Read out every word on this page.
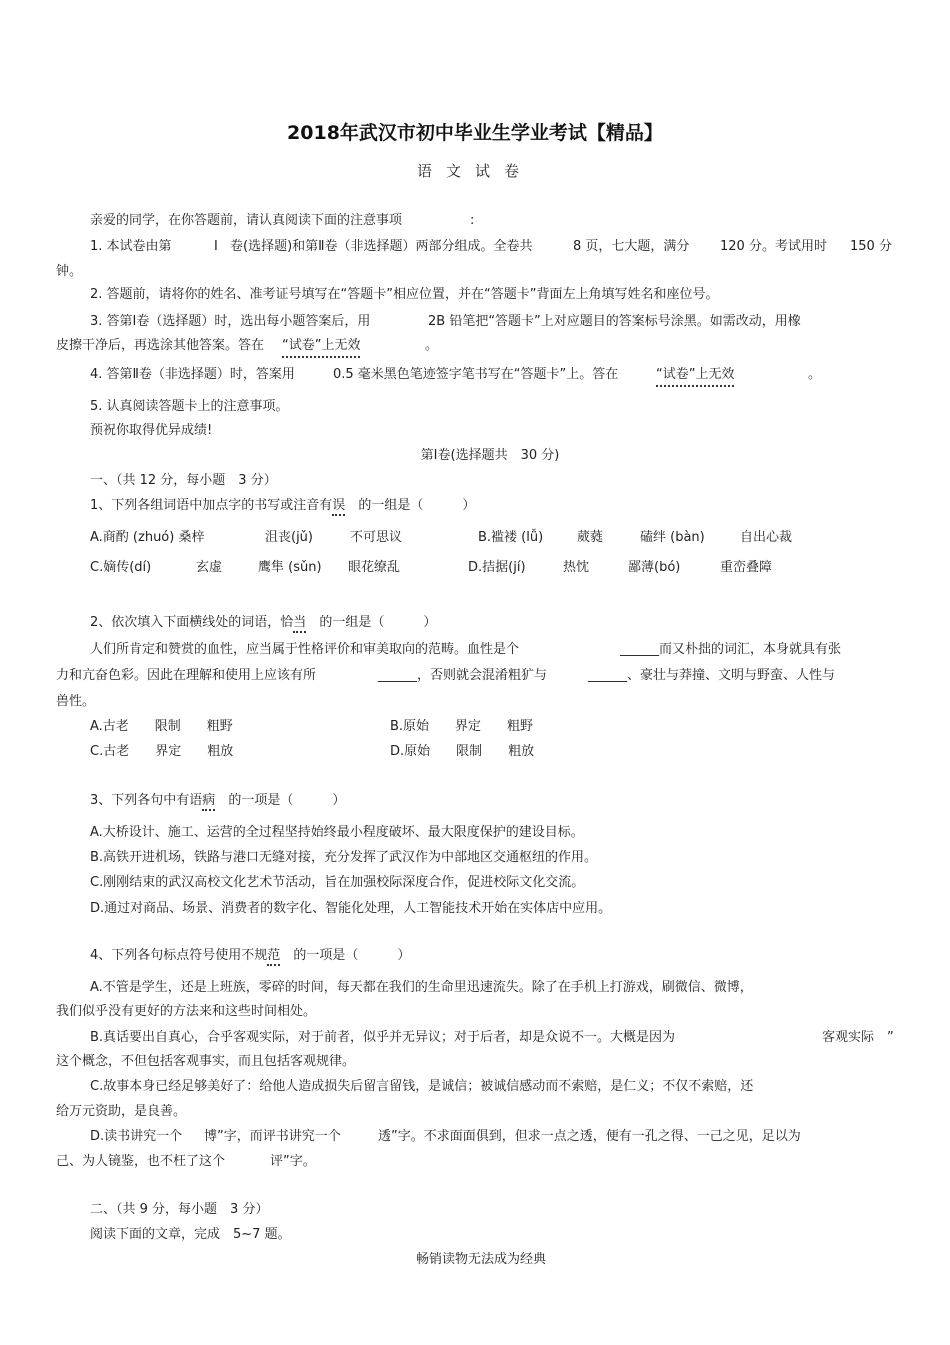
2018年武汉市初中毕业生学业考试【精品】
语文试卷
亲爱的同学，在你答题前，请认真阅读下面的注意事项	:
1. 本试卷由第	Ⅰ 卷(选择题)和第Ⅱ卷（非选择题）两部分组成。全卷共	8 页，七大题，满分 120 分。考试用时 150 分
钟。
2. 答题前，请将你的姓名、准考证号填写在“答题卡”相应位置，并在“答题卡”背面左上角填写姓名和座位号。
3. 答第Ⅰ卷（选择题）时，选出每小题答案后，用	2B 铅笔把“答题卡”上对应题目的答案标号涂黑。如需改动，用橡
皮擦干净后，再选涂其他答案。答在 “试卷”上无效	。
4. 答第Ⅱ卷（非选择题）时，答案用	0.5 毫米黑色笔迹签字笔书写在“答题卡”上。答在	“试卷”上无效	。
5. 认真阅读答题卡上的注意事项。
预祝你取得优异成绩!
第Ⅰ卷(选择题共　30 分)
一、（共 12 分，每小题　3 分）
1、下列各组词语中加点字的书写或注音有误　 的一组是（　　　）
A.商酌 (zhuó) 桑梓	沮丧(jǔ)	不可思议	B.褴褛 (lǚ)	葳蕤	磕绊 (bàn)	自出心裁
C.嫡传(dí)	玄虚	鹰隼 (sǔn) 眼花缭乱	D.拮据(jí)	热忱	鄙薄(bó)	重峦叠障
2、依次填入下面横线处的词语，恰当　 的一组是（　　　）
人们所肯定和赞赏的血性，应当属于性格评价和审美取向的范畴。血性是个	______而又朴拙的词汇，本身就具有张
力和亢奋色彩。因此在理解和使用上应该有所	______，否则就会混淆粗犷与	______、豪壮与莽撞、文明与野蛮、人性与
兽性。
A.古老　　限制　　粗野	B.原始　　界定　　粗野
C.古老　　界定　　粗放	D.原始　　限制　　粗放
3、下列各句中有语病　 的一项是（　　　）
A.大桥设计、施工、运营的全过程坚持始终最小程度破坏、最大限度保护的建设目标。
B.高铁开进机场，铁路与港口无缝对接，充分发挥了武汉作为中部地区交通枢纽的作用。
C.刚刚结束的武汉高校文化艺术节活动，旨在加强校际深度合作，促进校际文化交流。
D.通过对商品、场景、消费者的数字化、智能化处理，人工智能技术开始在实体店中应用。
4、下列各句标点符号使用不规范　 的一项是（　　　）
A.不管是学生，还是上班族，零碎的时间，每天都在我们的生命里迅速流失。除了在手机上打游戏，刷微信、微博，
我们似乎没有更好的方法来和这些时间相处。
B.真话要出自真心，合乎客观实际，对于前者，似乎并无异议；对于后者，却是众说不一。大概是因为	客观实际　”
这个概念，不但包括客观事实，而且包括客观规律。
C.故事本身已经足够美好了：给他人造成损失后留言留钱，是诚信；被诚信感动而不索赔，是仁义；不仅不索赔，还
给万元资助，是良善。
D.读书讲究一个 博”字，而评书讲究一个	透”字。不求面面俱到，但求一点之透，便有一孔之得、一己之见，足以为
己、为人镜鉴，也不枉了这个	评”字。
二、（共 9 分，每小题　3 分）
阅读下面的文章，完成　5~7 题。
畅销读物无法成为经典
